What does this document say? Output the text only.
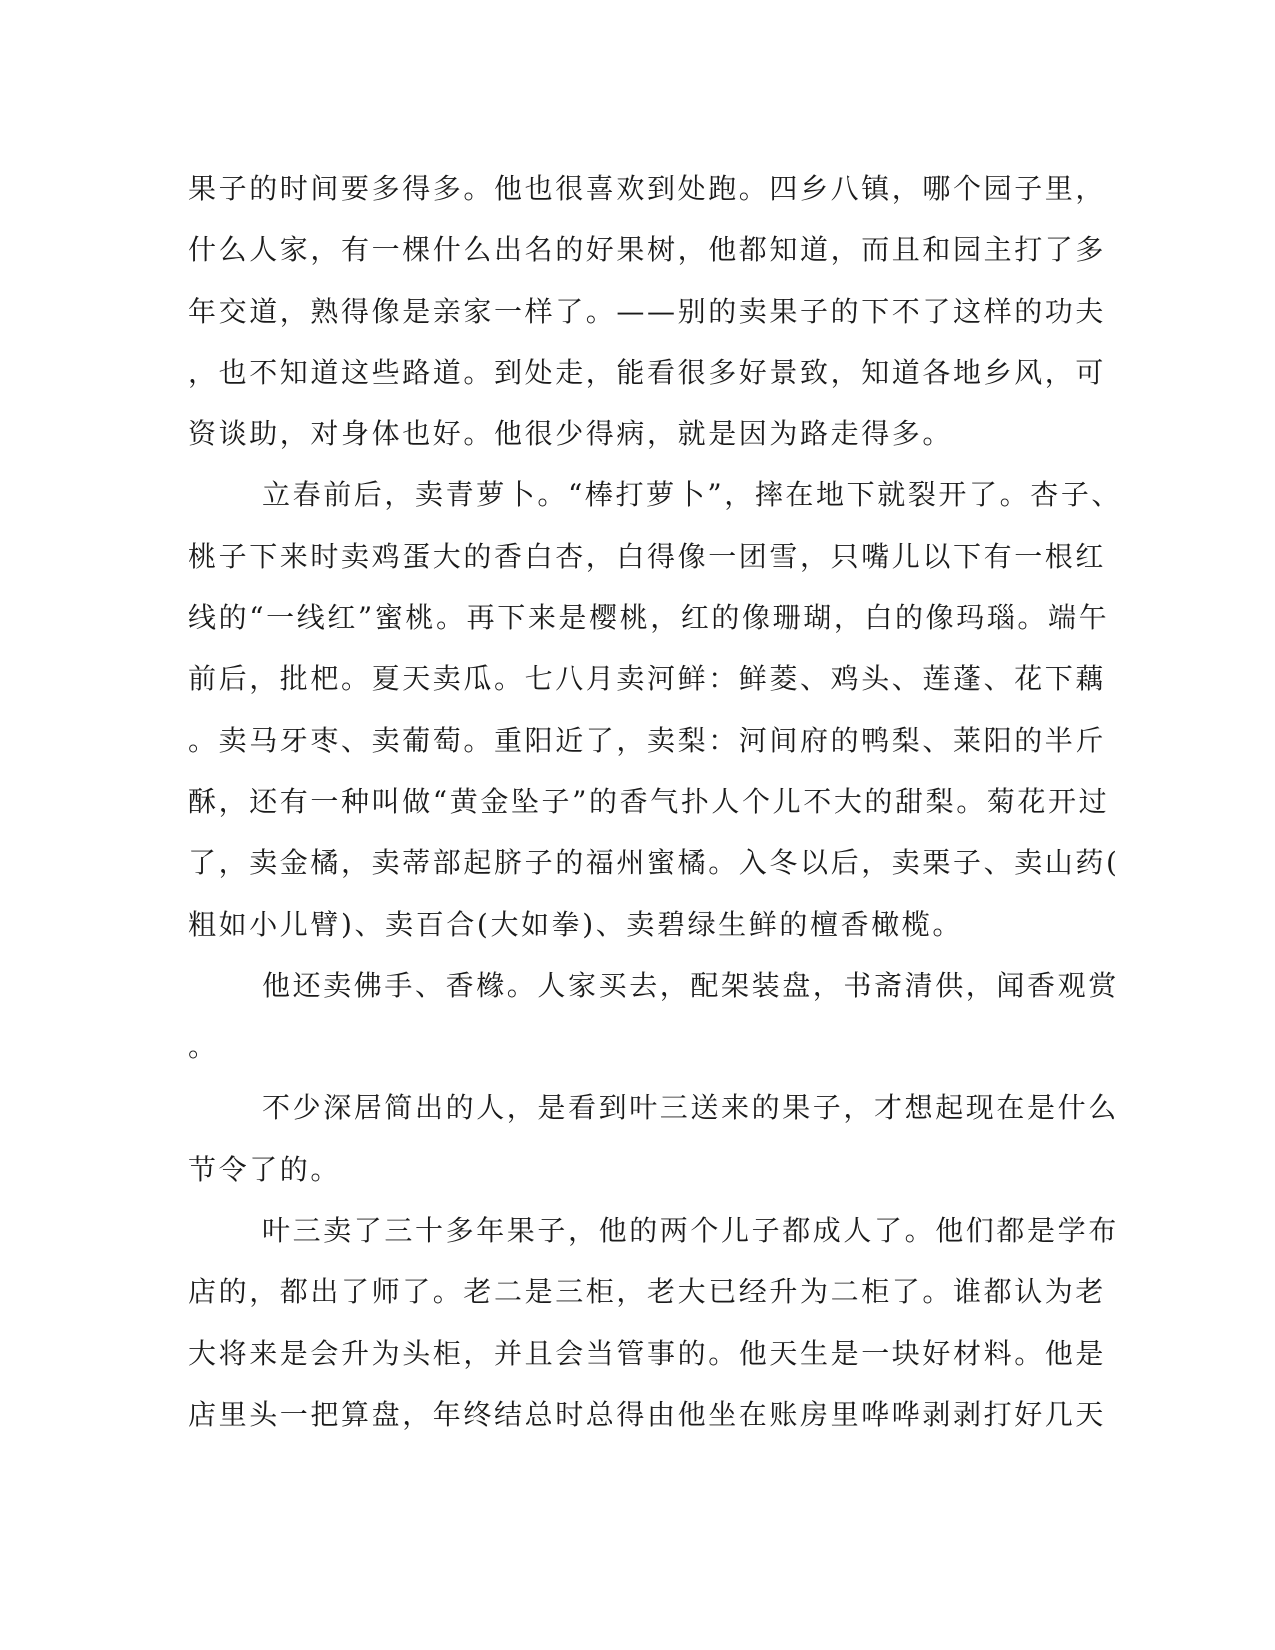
果子的时间要多得多。他也很喜欢到处跑。四乡八镇，哪个园子里，
什么人家，有一棵什么出名的好果树，他都知道，而且和园主打了多
年交道，熟得像是亲家一样了。——别的卖果子的下不了这样的功夫
，也不知道这些路道。到处走，能看很多好景致，知道各地乡风，可
资谈助，对身体也好。他很少得病，就是因为路走得多。
立春前后，卖青萝卜。“棒打萝卜”，摔在地下就裂开了。杏子、
桃子下来时卖鸡蛋大的香白杏，白得像一团雪，只嘴儿以下有一根红
线的“一线红”蜜桃。再下来是樱桃，红的像珊瑚，白的像玛瑙。端午
前后，批杷。夏天卖瓜。七八月卖河鲜：鲜菱、鸡头、莲蓬、花下藕
。卖马牙枣、卖葡萄。重阳近了，卖梨：河间府的鸭梨、莱阳的半斤
酥，还有一种叫做“黄金坠子”的香气扑人个儿不大的甜梨。菊花开过
了，卖金橘，卖蒂部起脐子的福州蜜橘。入冬以后，卖栗子、卖山药(
粗如小儿臂)、卖百合(大如拳)、卖碧绿生鲜的檀香橄榄。
他还卖佛手、香橼。人家买去，配架装盘，书斋清供，闻香观赏
。
不少深居简出的人，是看到叶三送来的果子，才想起现在是什么
节令了的。
叶三卖了三十多年果子，他的两个儿子都成人了。他们都是学布
店的，都出了师了。老二是三柜，老大已经升为二柜了。谁都认为老
大将来是会升为头柜，并且会当管事的。他天生是一块好材料。他是
店里头一把算盘，年终结总时总得由他坐在账房里哗哗剥剥打好几天
